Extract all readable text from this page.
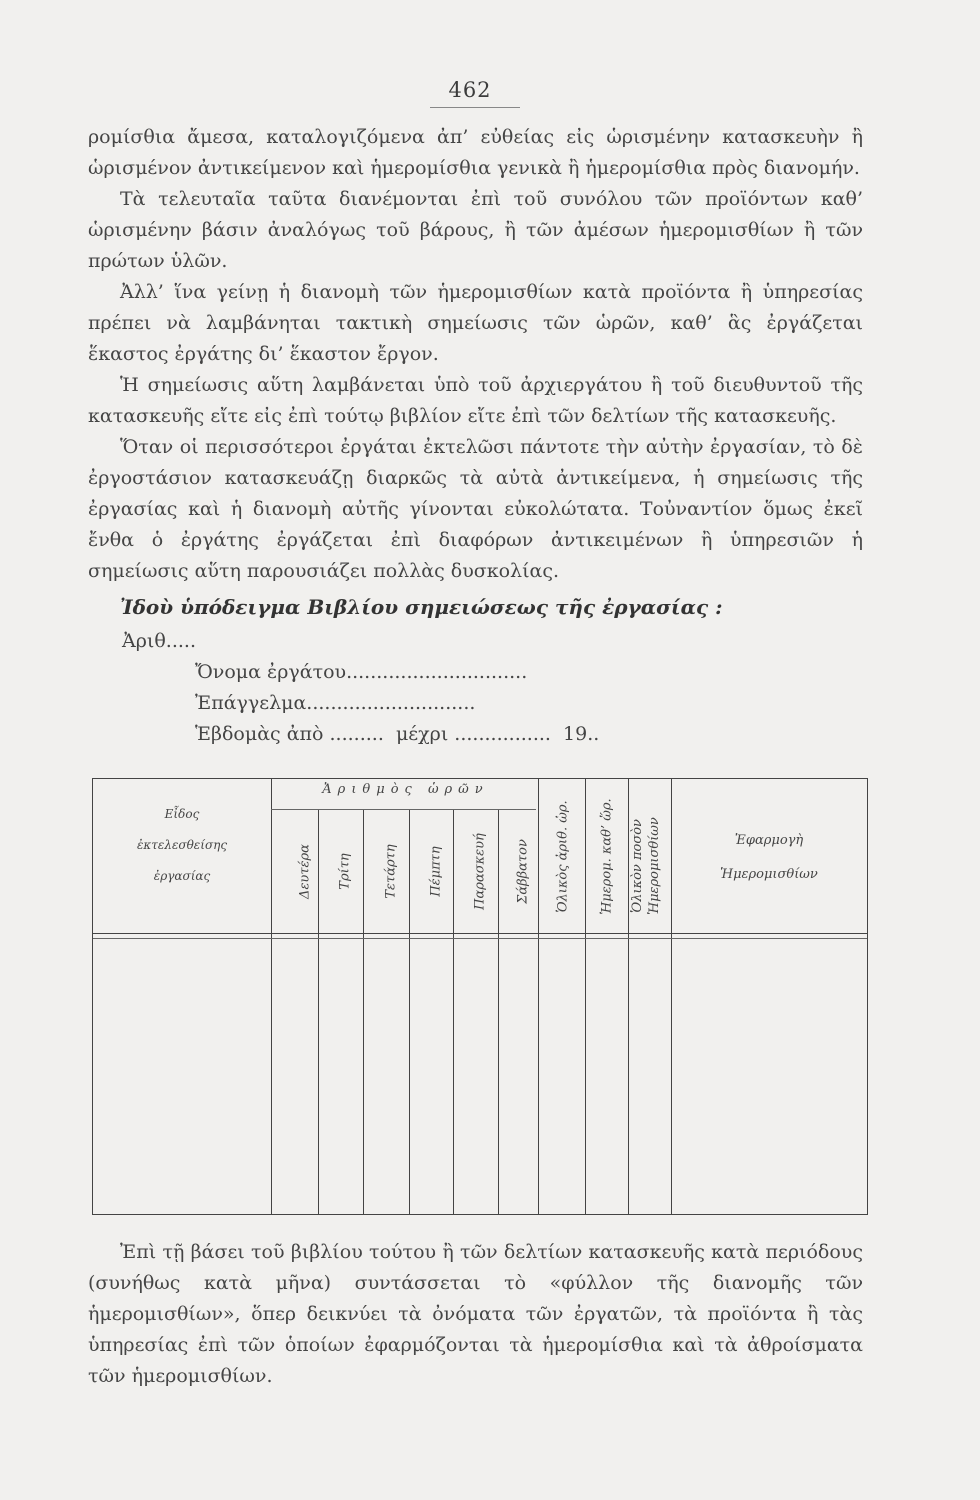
462

ρομίσθια ἄμεσα, καταλογιζόμενα ἀπ’ εὐθείας εἰς ὡρισμένην κατασκευὴν ἢ ὡρισμένον ἀντικείμενον καὶ ἡμερομίσθια γενικὰ ἢ ἡμερομίσθια πρὸς διανομήν.

Τὰ τελευταῖα ταῦτα διανέμονται ἐπὶ τοῦ συνόλου τῶν προϊόντων καθ’ ὡρισμένην βάσιν ἀναλόγως τοῦ βάρους, ἢ τῶν ἀμέσων ἡμερομισθίων ἢ τῶν πρώτων ὑλῶν.

Ἀλλ’ ἵνα γείνῃ ἡ διανομὴ τῶν ἡμερομισθίων κατὰ προϊόντα ἢ ὑπηρεσίας πρέπει νὰ λαμβάνηται τακτικὴ σημείωσις τῶν ὡρῶν, καθ’ ἃς ἐργάζεται ἕκαστος ἐργάτης δι’ ἕκαστον ἔργον.

Ἡ σημείωσις αὕτη λαμβάνεται ὑπὸ τοῦ ἀρχιεργάτου ἢ τοῦ διευθυντοῦ τῆς κατασκευῆς εἴτε εἰς ἐπὶ τούτῳ βιβλίον εἴτε ἐπὶ τῶν δελτίων τῆς κατασκευῆς.

Ὅταν οἱ περισσότεροι ἐργάται ἐκτελῶσι πάντοτε τὴν αὐτὴν ἐργασίαν, τὸ δὲ ἐργοστάσιον κατασκευάζῃ διαρκῶς τὰ αὐτὰ ἀντικείμενα, ἡ σημείωσις τῆς ἐργασίας καὶ ἡ διανομὴ αὐτῆς γίνονται εὐκολώτατα. Τοὐναντίον ὅμως ἐκεῖ ἔνθα ὁ ἐργάτης ἐργάζεται ἐπὶ διαφόρων ἀντικειμένων ἢ ὑπηρεσιῶν ἡ σημείωσις αὕτη παρουσιάζει πολλὰς δυσκολίας.

Ἰδοὺ ὑπόδειγμα Βιβλίου σημειώσεως τῆς ἐργασίας :
Ἀριθ.....
Ὄνομα ἐργάτου..............................
Ἐπάγγελμα............................
Ἑβδομὰς ἀπὸ .........  μέχρι ................  19..
Εἶδος
ἐκτελεσθείσης
ἐργασίας
Ἀριθμὸς ὡρῶν
Δευτέρα Τρίτη Τετάρτη Πέμπτη Παρασκευή Σάββατον Ὁλικὸς ἀριθ. ὡρ. Ἡμερομ. καθ’ ὥρ. Ὁλικὸν ποσὸν Ἡμερομισθίων	Ἐφαρμογὴ
Ἡμερομισθίων

Ἐπὶ τῇ βάσει τοῦ βιβλίου τούτου ἢ τῶν δελτίων κατασκευῆς κατὰ περιόδους (συνήθως κατὰ μῆνα) συντάσσεται τὸ «φύλλον τῆς διανομῆς τῶν ἡμερομισθίων», ὅπερ δεικνύει τὰ ὀνόματα τῶν ἐργατῶν, τὰ προϊόντα ἢ τὰς ὑπηρεσίας ἐπὶ τῶν ὁποίων ἐφαρμόζονται τὰ ἡμερομίσθια καὶ τὰ ἀθροίσματα τῶν ἡμερομισθίων.
